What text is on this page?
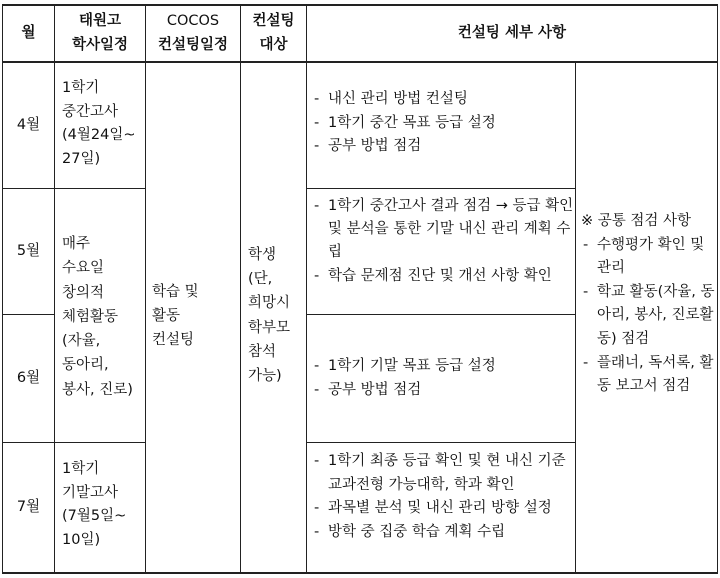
월
태원고
학사일정
COCOS
컨설팅일정
컨설팅
대상
컨설팅 세부 사항
4월
5월
6월
7월
1학기
중간고사
(4월24일~
27일)
매주
수요일
창의적
체험활동
(자율,
동아리,
봉사, 진로)
1학기
기말고사
(7월5일~
10일)
학습 및
활동
컨설팅
학생
(단,
희망시
학부모
참석
가능)
- 내신 관리 방법 컨설팅
- 1학기 중간 목표 등급 설정
- 공부 방법 점검
- 1학기 중간고사 결과 점검 → 등급 확인 및 분석을 통한 기말 내신 관리 계획 수립
- 학습 문제점 진단 및 개선 사항 확인
- 1학기 기말 목표 등급 설정
- 공부 방법 점검
- 1학기 최종 등급 확인 및 현 내신 기준 교과전형 가능대학, 학과 확인
- 과목별 분석 및 내신 관리 방향 설정
- 방학 중 집중 학습 계획 수립
※ 공통 점검 사항
- 수행평가 확인 및 관리
- 학교 활동(자율, 동아리, 봉사, 진로활동) 점검
- 플래너, 독서록, 활동 보고서 점검
